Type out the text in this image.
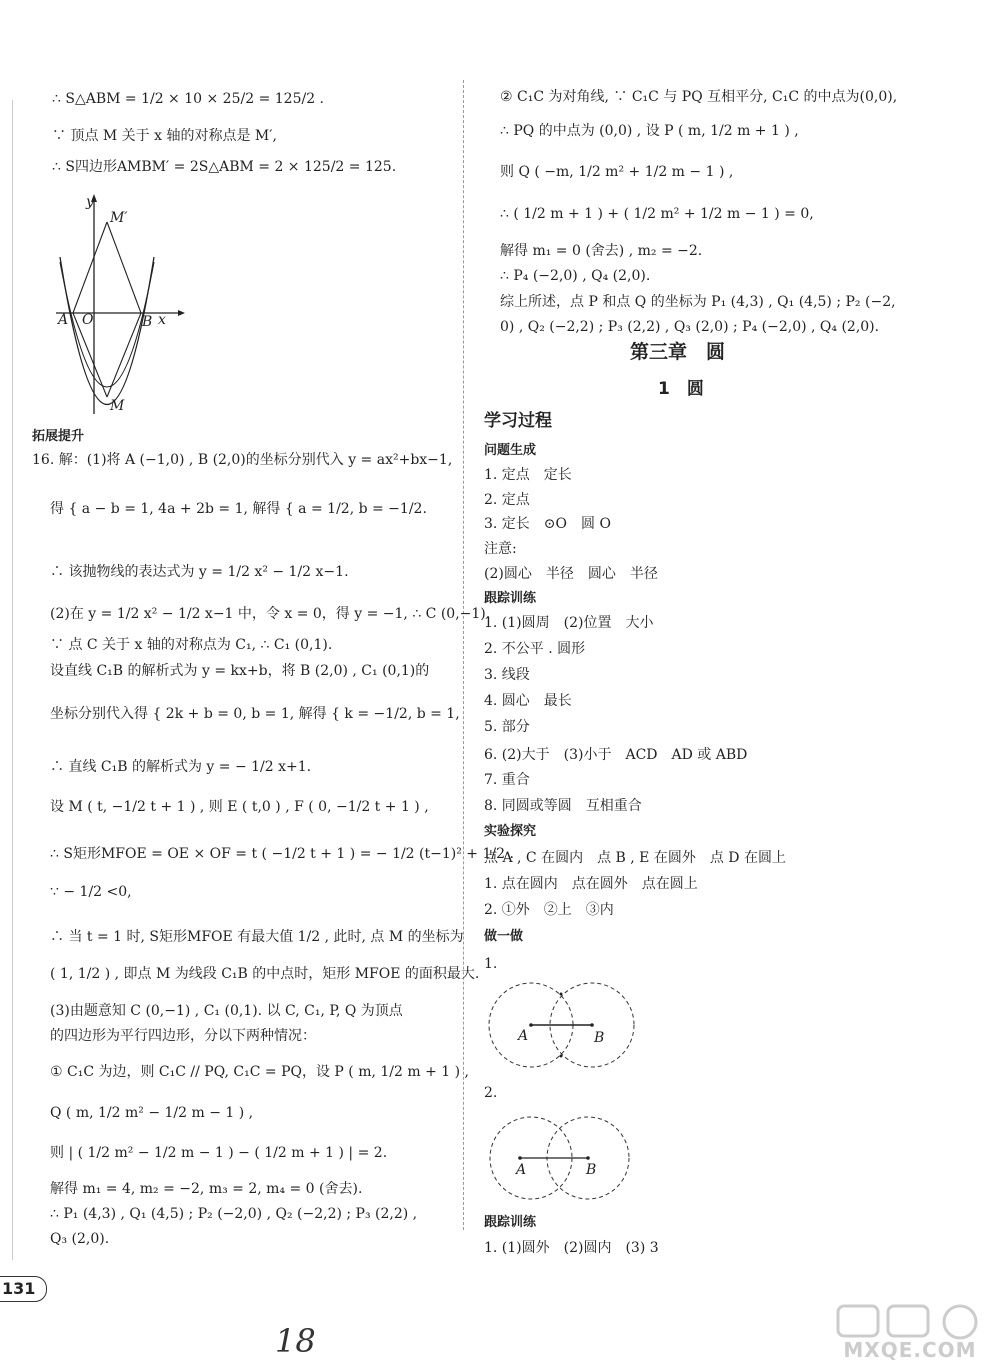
∴ S△ABM = 1/2 × 10 × 25/2 = 125/2 .
∵ 顶点 M 关于 x 轴的对称点是 M′,
∴ S四边形AMBM′ = 2S△ABM = 2 × 125/2 = 125.
y
M′
A O	B x
M
拓展提升
16. 解：(1)将 A (−1,0) , B (2,0)的坐标分别代入 y = ax²+bx−1,
得 { a − b = 1, 4a + 2b = 1, 解得 { a = 1/2, b = −1/2.
∴ 该抛物线的表达式为 y = 1/2 x² − 1/2 x−1.
(2)在 y = 1/2 x² − 1/2 x−1 中，令 x = 0，得 y = −1, ∴ C (0,−1).
∵ 点 C 关于 x 轴的对称点为 C₁, ∴ C₁ (0,1).
设直线 C₁B 的解析式为 y = kx+b，将 B (2,0) , C₁ (0,1)的
坐标分别代入得 { 2k + b = 0, b = 1, 解得 { k = −1/2, b = 1,
∴ 直线 C₁B 的解析式为 y = − 1/2 x+1.
设 M ( t, −1/2 t + 1 ) , 则 E ( t,0 ) , F ( 0, −1/2 t + 1 ) ,
∴ S矩形MFOE = OE × OF = t ( −1/2 t + 1 ) = − 1/2 (t−1)² + 1/2 .
∵ − 1/2 <0,
∴ 当 t = 1 时, S矩形MFOE 有最大值 1/2 , 此时, 点 M 的坐标为
( 1, 1/2 ) , 即点 M 为线段 C₁B 的中点时，矩形 MFOE 的面积最大.
(3)由题意知 C (0,−1) , C₁ (0,1). 以 C, C₁, P, Q 为顶点
的四边形为平行四边形，分以下两种情况：
① C₁C 为边，则 C₁C // PQ, C₁C = PQ，设 P ( m, 1/2 m + 1 ) ,
Q ( m, 1/2 m² − 1/2 m − 1 ) ,
则 | ( 1/2 m² − 1/2 m − 1 ) − ( 1/2 m + 1 ) | = 2.
解得 m₁ = 4, m₂ = −2, m₃ = 2, m₄ = 0 (舍去).
∴ P₁ (4,3) , Q₁ (4,5) ; P₂ (−2,0) , Q₂ (−2,2) ; P₃ (2,2) ,
Q₃ (2,0).
② C₁C 为对角线, ∵ C₁C 与 PQ 互相平分, C₁C 的中点为(0,0),
∴ PQ 的中点为 (0,0) , 设 P ( m, 1/2 m + 1 ) ,
则 Q ( −m, 1/2 m² + 1/2 m − 1 ) ,
∴ ( 1/2 m + 1 ) + ( 1/2 m² + 1/2 m − 1 ) = 0,
解得 m₁ = 0 (舍去) , m₂ = −2.
∴ P₄ (−2,0) , Q₄ (2,0).
综上所述，点 P 和点 Q 的坐标为 P₁ (4,3) , Q₁ (4,5) ; P₂ (−2,
0) , Q₂ (−2,2) ; P₃ (2,2) , Q₃ (2,0) ; P₄ (−2,0) , Q₄ (2,0).
第三章　圆
1　圆
学习过程
问题生成
1. 定点　定长
2. 定点
3. 定长　⊙O　圆 O
注意:
(2)圆心　半径　圆心　半径
跟踪训练
1. (1)圆周　(2)位置　大小
2. 不公平 . 圆形
3. 线段
4. 圆心　最长
5. 部分
6. (2)大于　(3)小于　ACD　AD 或 ABD
7. 重合
8. 同圆或等圆　互相重合
实验探究
点 A , C 在圆内　点 B , E 在圆外　点 D 在圆上
1. 点在圆内　点在圆外　点在圆上
2. ①外　②上　③内
做一做
1.
A	B
2.
A	B
跟踪训练
1. (1)圆外　(2)圆内　(3) 3
131
18	MXQE.COM
